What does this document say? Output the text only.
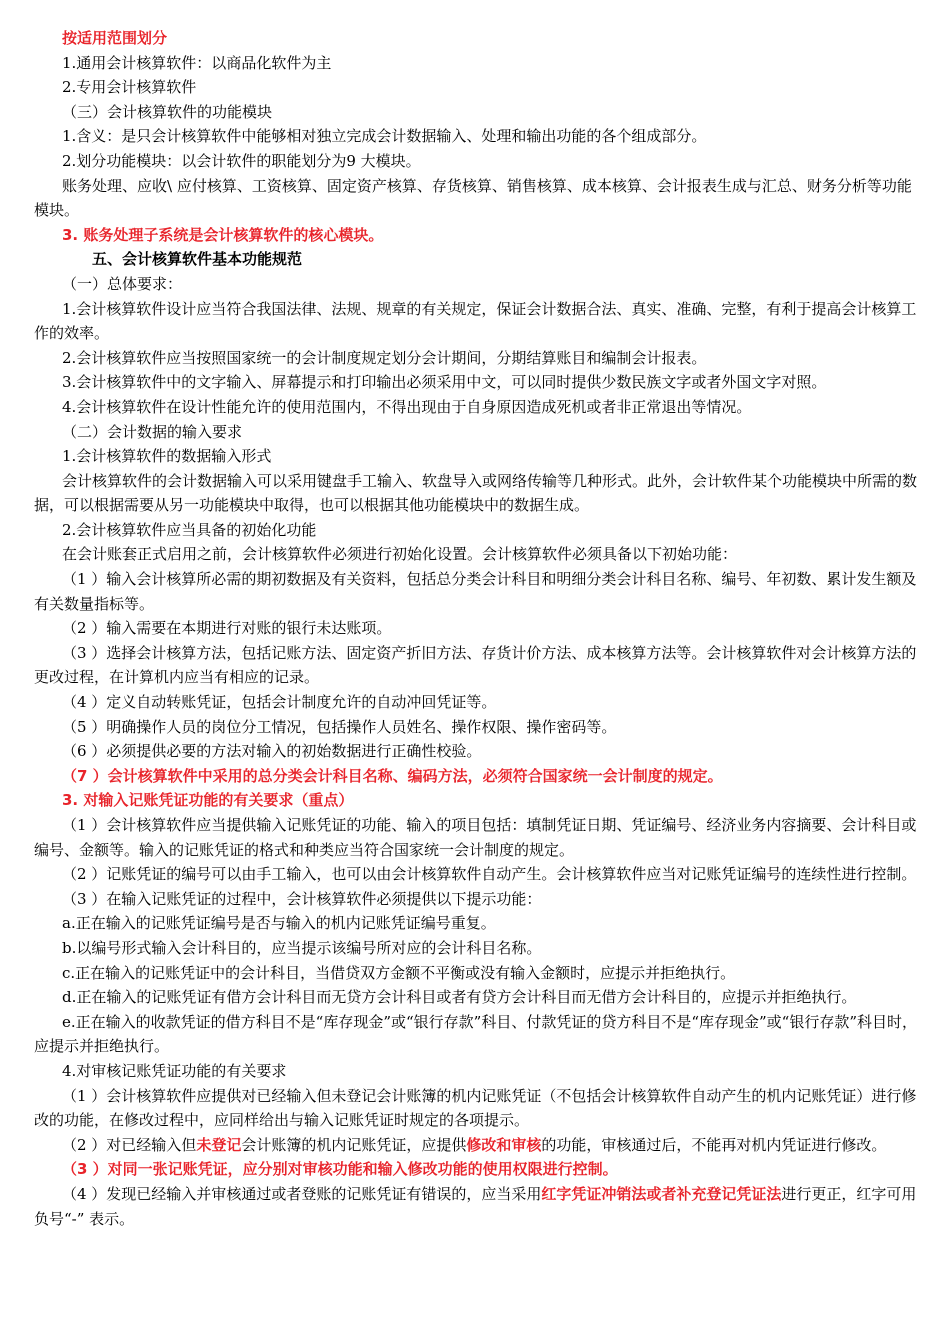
按适用范围划分

1.通用会计核算软件：以商品化软件为主

2.专用会计核算软件

（三）会计核算软件的功能模块

1.含义：是只会计核算软件中能够相对独立完成会计数据输入、处理和输出功能的各个组成部分。

2.划分功能模块：以会计软件的职能划分为9 大模块。

账务处理、应收\ 应付核算、工资核算、固定资产核算、存货核算、销售核算、成本核算、会计报表生成与汇总、财务分析等功能模块。

3. 账务处理子系统是会计核算软件的核心模块。

五、会计核算软件基本功能规范

（一）总体要求：

1.会计核算软件设计应当符合我国法律、法规、规章的有关规定，保证会计数据合法、真实、准确、完整，有利于提高会计核算工作的效率。

2.会计核算软件应当按照国家统一的会计制度规定划分会计期间，分期结算账目和编制会计报表。

3.会计核算软件中的文字输入、屏幕提示和打印输出必须采用中文，可以同时提供少数民族文字或者外国文字对照。

4.会计核算软件在设计性能允许的使用范围内，不得出现由于自身原因造成死机或者非正常退出等情况。

（二）会计数据的输入要求

1.会计核算软件的数据输入形式

会计核算软件的会计数据输入可以采用键盘手工输入、软盘导入或网络传输等几种形式。此外，会计软件某个功能模块中所需的数据，可以根据需要从另一功能模块中取得，也可以根据其他功能模块中的数据生成。

2.会计核算软件应当具备的初始化功能

在会计账套正式启用之前，会计核算软件必须进行初始化设置。会计核算软件必须具备以下初始功能：

（1 ）输入会计核算所必需的期初数据及有关资料，包括总分类会计科目和明细分类会计科目名称、编号、年初数、累计发生额及有关数量指标等。

（2 ）输入需要在本期进行对账的银行未达账项。

（3 ）选择会计核算方法，包括记账方法、固定资产折旧方法、存货计价方法、成本核算方法等。会计核算软件对会计核算方法的更改过程，在计算机内应当有相应的记录。

（4 ）定义自动转账凭证，包括会计制度允许的自动冲回凭证等。

（5 ）明确操作人员的岗位分工情况，包括操作人员姓名、操作权限、操作密码等。

（6 ）必须提供必要的方法对输入的初始数据进行正确性校验。

（7 ）会计核算软件中采用的总分类会计科目名称、编码方法，必须符合国家统一会计制度的规定。

3. 对输入记账凭证功能的有关要求（重点）

（1 ）会计核算软件应当提供输入记账凭证的功能、输入的项目包括：填制凭证日期、凭证编号、经济业务内容摘要、会计科目或编号、金额等。输入的记账凭证的格式和种类应当符合国家统一会计制度的规定。

（2 ）记账凭证的编号可以由手工输入，也可以由会计核算软件自动产生。会计核算软件应当对记账凭证编号的连续性进行控制。

（3 ）在输入记账凭证的过程中，会计核算软件必须提供以下提示功能：

a.正在输入的记账凭证编号是否与输入的机内记账凭证编号重复。

b.以编号形式输入会计科目的，应当提示该编号所对应的会计科目名称。

c.正在输入的记账凭证中的会计科目，当借贷双方金额不平衡或没有输入金额时，应提示并拒绝执行。

d.正在输入的记账凭证有借方会计科目而无贷方会计科目或者有贷方会计科目而无借方会计科目的，应提示并拒绝执行。

e.正在输入的收款凭证的借方科目不是“库存现金”或“银行存款”科目、付款凭证的贷方科目不是“库存现金”或“银行存款”科目时，应提示并拒绝执行。

4.对审核记账凭证功能的有关要求

（1 ）会计核算软件应提供对已经输入但未登记会计账簿的机内记账凭证（不包括会计核算软件自动产生的机内记账凭证）进行修改的功能，在修改过程中，应同样给出与输入记账凭证时规定的各项提示。

（2 ）对已经输入但未登记会计账簿的机内记账凭证，应提供修改和审核的功能，审核通过后，不能再对机内凭证进行修改。

（3 ）对同一张记账凭证，应分别对审核功能和输入修改功能的使用权限进行控制。

（4 ）发现已经输入并审核通过或者登账的记账凭证有错误的，应当采用红字凭证冲销法或者补充登记凭证法进行更正，红字可用负号“-” 表示。
